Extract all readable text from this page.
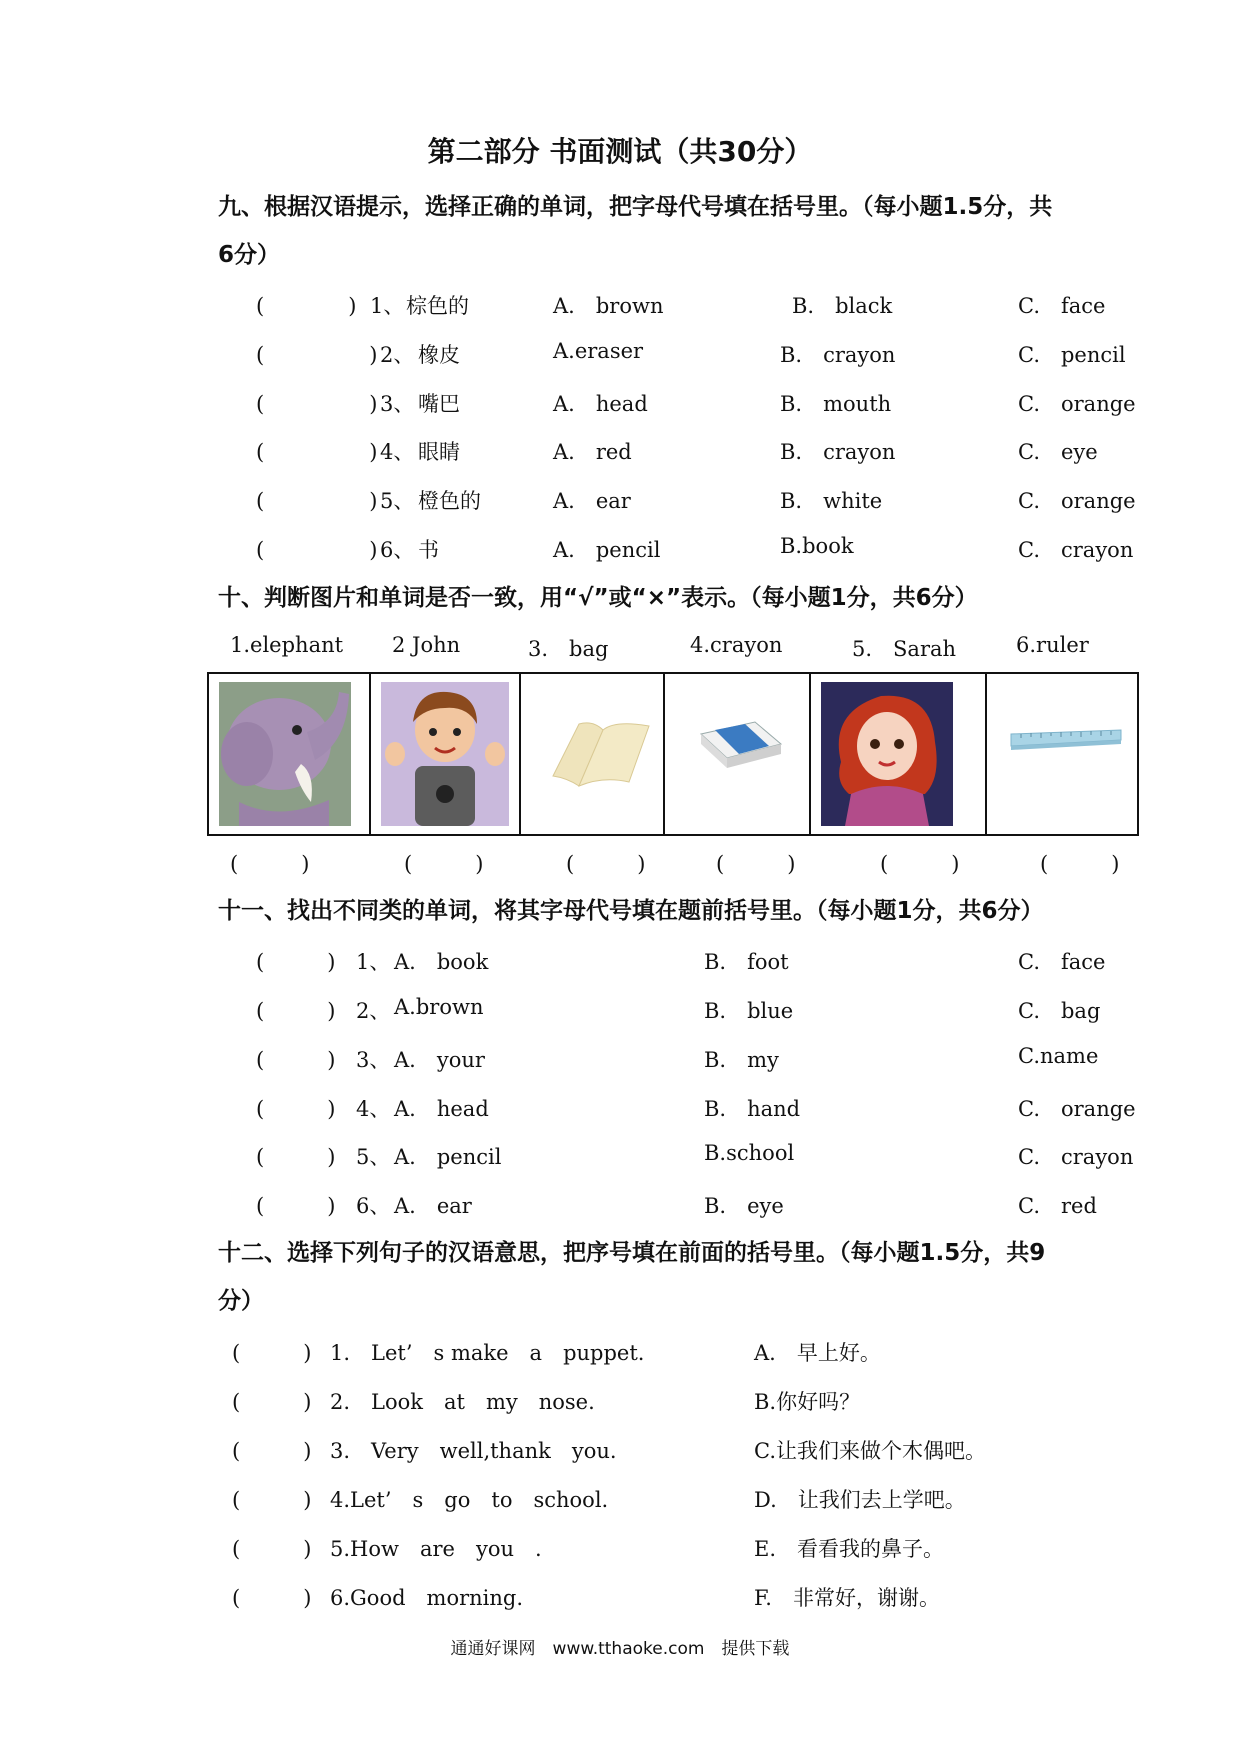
第二部分 书面测试（共30分）
九、根据汉语提示，选择正确的单词，把字母代号填在括号里。（每小题1.5分，共
6分）
(　　　　) 1、 棕色的	A.　brown	B.　black	C.　face
(　　　　　) 2、 橡皮	A.eraser	B.　crayon	C.　pencil
(　　　　　) 3、 嘴巴	A.　head	B.　mouth	C.　orange
(　　　　　) 4、 眼睛	A.　red	B.　crayon	C.　eye
(　　　　　) 5、 橙色的	A.　ear	B.　white	C.　orange
(　　　　　) 6、 书	A.　pencil	B.book	C.　crayon
十、判断图片和单词是否一致，用“√”或“×”表示。（每小题1分，共6分）
1.elephant 2 John	3.　bag	4.crayon	5.　Sarah	6.ruler
(　　　)	(　　　)	(　　　)	(　　　)	(　　　)	(　　　)
十一、找出不同类的单词，将其字母代号填在题前括号里。（每小题1分，共6分）
(　　　) 1、 A.　book	B.　foot	C.　face
(　　　) 2、 A.brown	B.　blue	C.　bag
(　　　) 3、 A.　your	B.　my	C.name
(　　　) 4、 A.　head	B.　hand	C.　orange
(　　　) 5、 A.　pencil	B.school	C.　crayon
(　　　) 6、 A.　ear	B.　eye	C.　red
十二、选择下列句子的汉语意思，把序号填在前面的括号里。（每小题1.5分，共9
分）
(　　　) 1.　Let’　s make　a　puppet.	A.　早上好。
(　　　) 2.　Look　at　my　nose.	B.你好吗？
(　　　) 3.　Very　well,thank　you.	C.让我们来做个木偶吧。
(　　　) 4.Let’　s　go　to　school.	D.　让我们去上学吧。
(　　　) 5.How　are　you　.	E.　看看我的鼻子。
(　　　) 6.Good　morning.	F.　非常好，谢谢。
通通好课网　www.tthaoke.com　提供下载
